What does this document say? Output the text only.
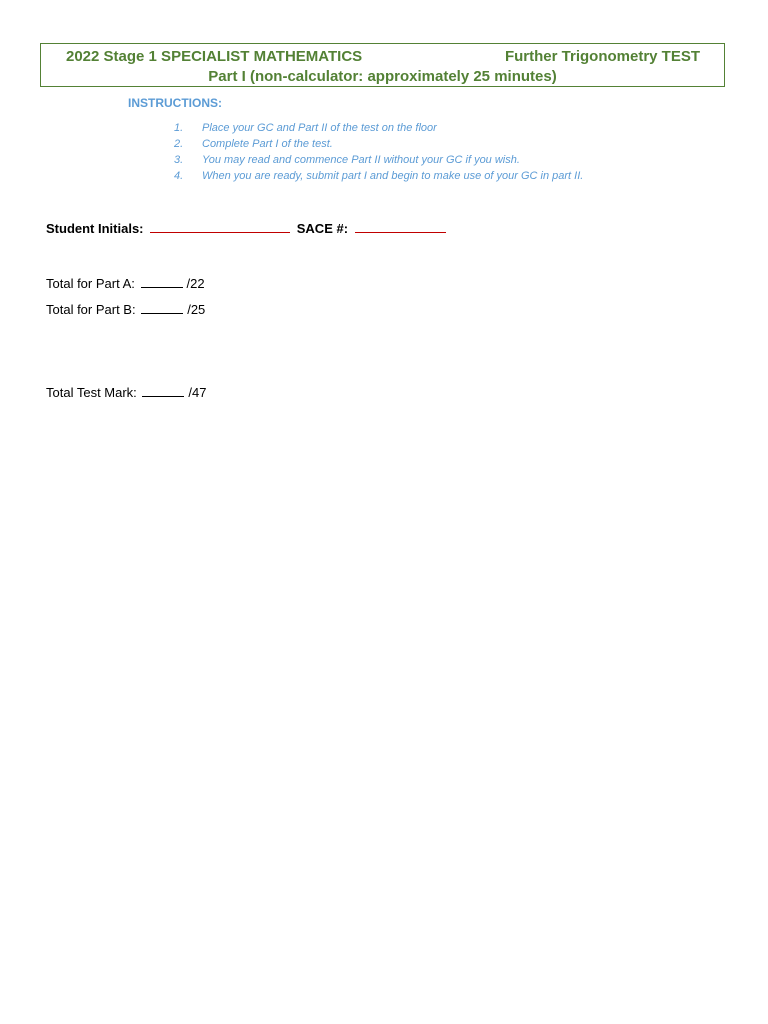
2022 Stage 1 SPECIALIST MATHEMATICS	Further Trigonometry TEST
Part I (non-calculator: approximately 25 minutes)
INSTRUCTIONS:
1. Place your GC and Part II of the test on the floor
2. Complete Part I of the test.
3. You may read and commence Part II without your GC if you wish.
4. When you are ready, submit part I and begin to make use of your GC in part II.
Student Initials:	SACE #:
Total for Part A:	/22
Total for Part B:	/25
Total Test Mark:	/47
